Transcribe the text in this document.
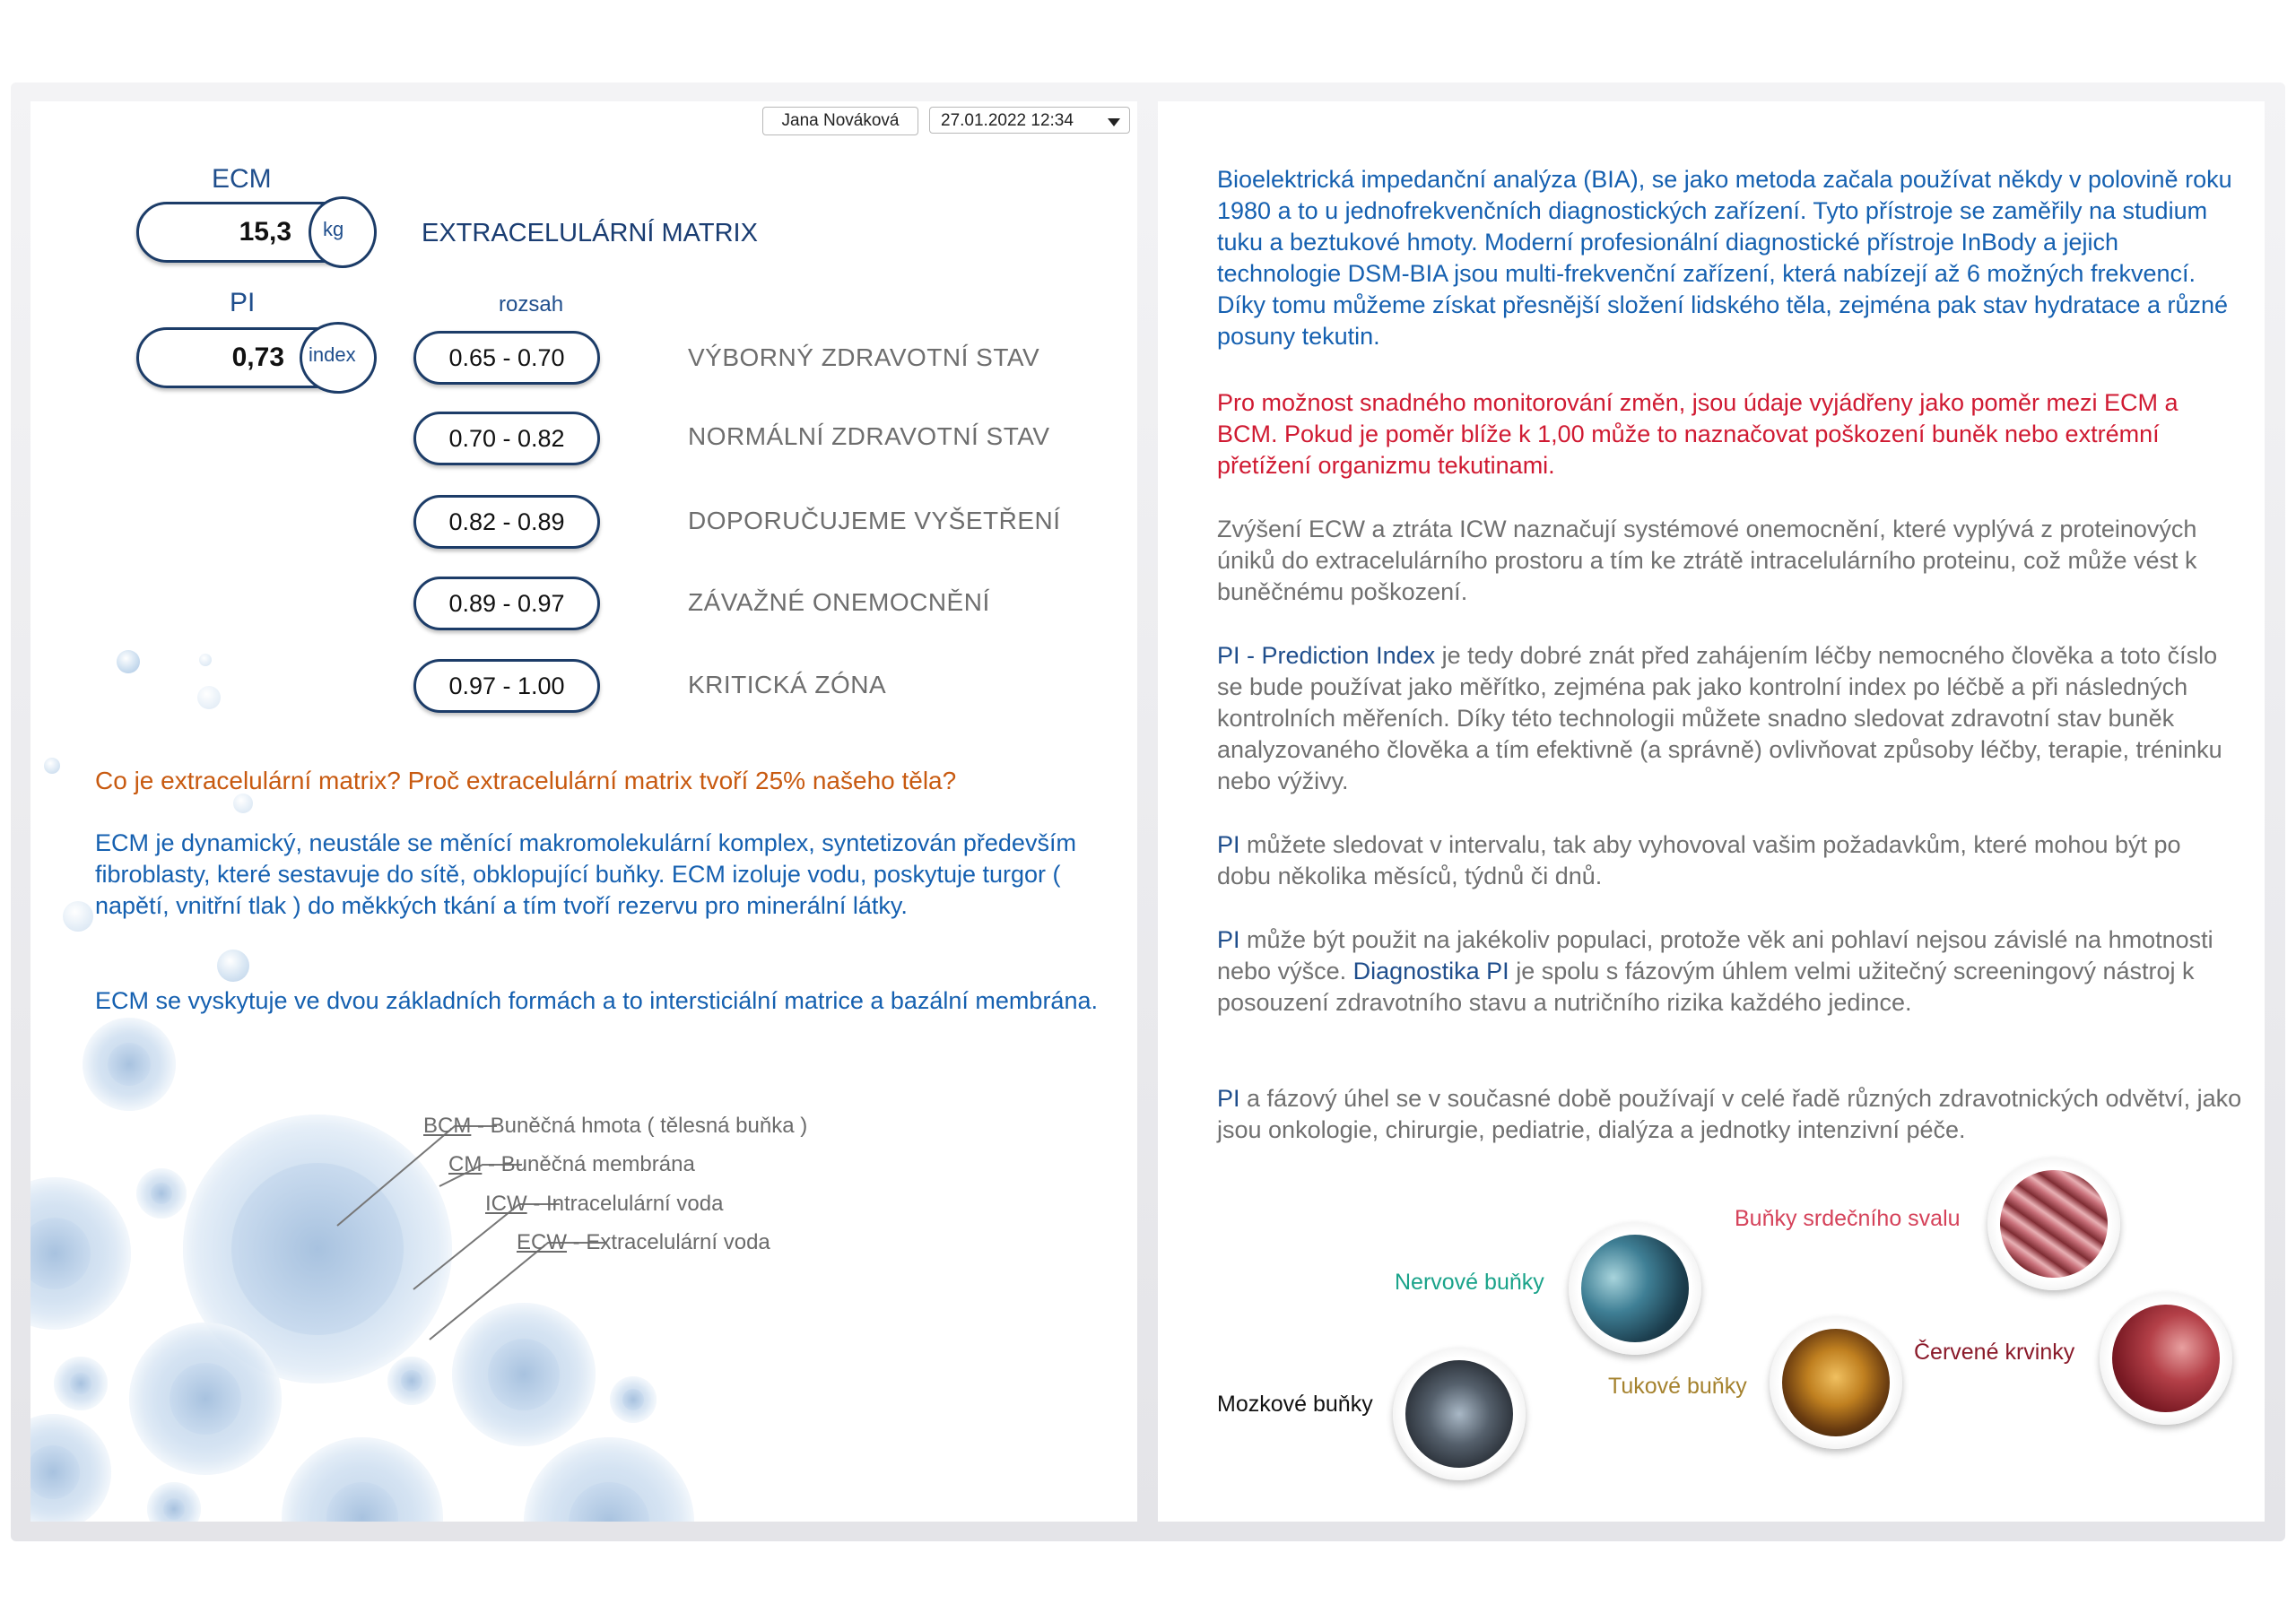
Jana Nováková	27.01.2022 12:34
ECM
15,3 kg	EXTRACELULÁRNÍ MATRIX
PI
0,73 index
rozsah
0.65 - 0.70	VÝBORNÝ ZDRAVOTNÍ STAV
0.70 - 0.82	NORMÁLNÍ ZDRAVOTNÍ STAV
0.82 - 0.89	DOPORUČUJEME VYŠETŘENÍ
0.89 - 0.97	ZÁVAŽNÉ ONEMOCNĚNÍ
0.97 - 1.00	KRITICKÁ ZÓNA
Co je extracelulární matrix? Proč extracelulární matrix tvoří 25% našeho těla?
ECM je dynamický, neustále se měnící makromolekulární komplex, syntetizován především fibroblasty, které sestavuje do sítě, obklopující buňky. ECM izoluje vodu, poskytuje turgor ( napětí, vnitřní tlak ) do měkkých tkání a tím tvoří rezervu pro minerální látky.
ECM se vyskytuje ve dvou základních formách a to intersticiální matrice a bazální membrána.
BCM - Buněčná hmota ( tělesná buňka )
CM - Buněčná membrána
ICW - Intracelulární voda
ECW - Extracelulární voda
Bioelektrická impedanční analýza (BIA), se jako metoda začala používat někdy v polovině roku 1980 a to u jednofrekvenčních diagnostických zařízení. Tyto přístroje se zaměřily na studium tuku a beztukové hmoty. Moderní profesionální diagnostické přístroje InBody a jejich technologie DSM-BIA jsou multi-frekvenční zařízení, která nabízejí až 6 možných frekvencí. Díky tomu můžeme získat přesnější složení lidského těla, zejména pak stav hydratace a různé posuny tekutin.
Pro možnost snadného monitorování změn, jsou údaje vyjádřeny jako poměr mezi ECM a BCM. Pokud je poměr blíže k 1,00 může to naznačovat poškození buněk nebo extrémní přetížení organizmu tekutinami.
Zvýšení ECW a ztráta ICW naznačují systémové onemocnění, které vyplývá z proteinových úniků do extracelulárního prostoru a tím ke ztrátě intracelulárního proteinu, což může vést k buněčnému poškození.
PI - Prediction Index je tedy dobré znát před zahájením léčby nemocného člověka a toto číslo se bude používat jako měřítko, zejména pak jako kontrolní index po léčbě a při následných kontrolních měřeních. Díky této technologii můžete snadno sledovat zdravotní stav buněk analyzovaného člověka a tím efektivně (a správně) ovlivňovat způsoby léčby, terapie, tréninku nebo výživy.
PI můžete sledovat v intervalu, tak aby vyhovoval vašim požadavkům, které mohou být po dobu několika měsíců, týdnů či dnů.
PI může být použit na jakékoliv populaci, protože věk ani pohlaví nejsou závislé na hmotnosti nebo výšce. Diagnostika PI je spolu s fázovým úhlem velmi užitečný screeningový nástroj k posouzení zdravotního stavu a nutričního rizika každého jedince.
PI a fázový úhel se v současné době používají v celé řadě různých zdravotnických odvětví, jako jsou onkologie, chirurgie, pediatrie, dialýza a jednotky intenzivní péče.
Buňky srdečního svalu
Nervové buňky
Červené krvinky
Tukové buňky
Mozkové buňky
